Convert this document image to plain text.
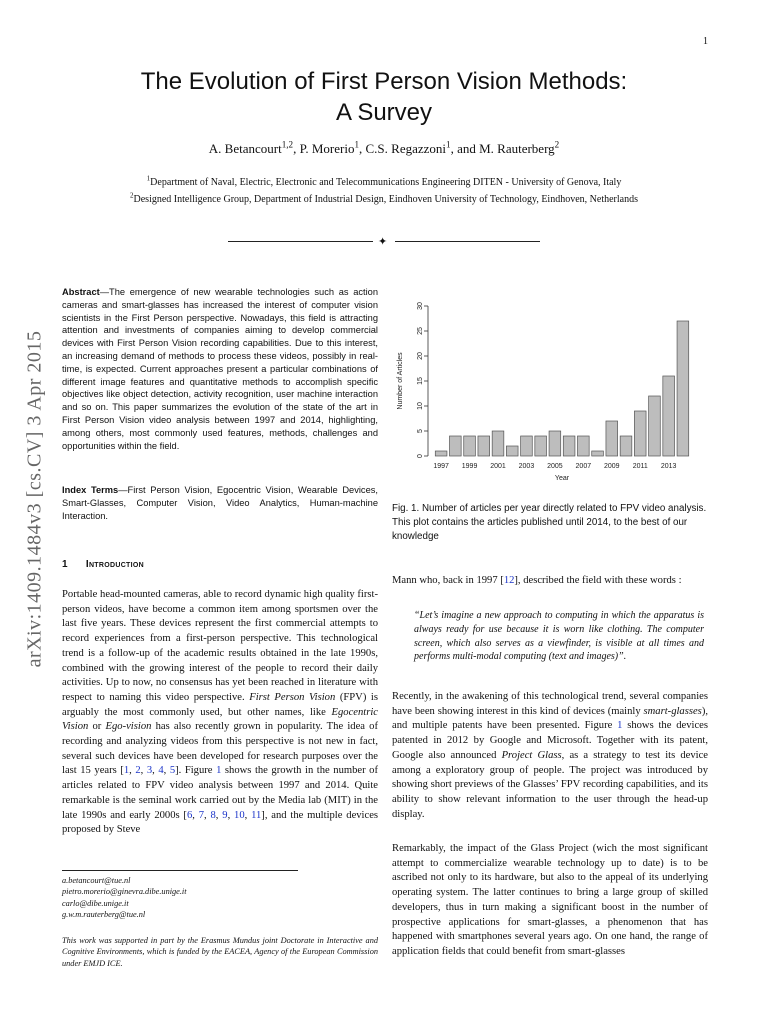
1
The Evolution of First Person Vision Methods:
A Survey
A. Betancourt$^{1,2}$, P. Morerio$^1$, C.S. Regazzoni$^1$, and M. Rauterberg$^2$
$^1$Department of Naval, Electric, Electronic and Telecommunications Engineering DITEN - University of Genova, Italy
$^2$Designed Intelligence Group, Department of Industrial Design, Eindhoven University of Technology, Eindhoven, Netherlands
✦
arXiv:1409.1484v3 [cs.CV] 3 Apr 2015
Abstract—The emergence of new wearable technologies such as action cameras and smart-glasses has increased the interest of computer vision scientists in the First Person perspective. Nowadays, this field is attracting attention and investments of companies aiming to develop commercial devices with First Person Vision recording capabilities. Due to this interest, an increasing demand of methods to process these videos, possibly in real-time, is expected. Current approaches present a particular combinations of different image features and quantitative methods to accomplish specific objectives like object detection, activity recognition, user machine interaction and so on. This paper summarizes the evolution of the state of the art in First Person Vision video analysis between 1997 and 2014, highlighting, among others, most commonly used features, methods, challenges and opportunities within the field.
Index Terms—First Person Vision, Egocentric Vision, Wearable Devices, Smart-Glasses, Computer Vision, Video Analytics, Human-machine Interaction.
1 Introduction
Portable head-mounted cameras, able to record dynamic high quality first-person videos, have become a common item among sportsmen over the last five years. These devices represent the first commercial attempts to record experiences from a first-person perspective. This technological trend is a follow-up of the academic results obtained in the late 1990s, combined with the growing interest of the people to record their daily activities. Up to now, no consensus has yet been reached in literature with respect to naming this video perspective. First Person Vision (FPV) is arguably the most commonly used, but other names, like Egocentric Vision or Ego-vision has also recently grown in popularity. The idea of recording and analyzing videos from this perspective is not new in fact, several such devices have been developed for research purposes over the last 15 years [1, 2, 3, 4, 5]. Figure 1 shows the growth in the number of articles related to FPV video analysis between 1997 and 2014. Quite remarkable is the seminal work carried out by the Media lab (MIT) in the late 1990s and early 2000s [6, 7, 8, 9, 10, 11], and the multiple devices proposed by Steve
a.betancourt@tue.nl
pietro.morerio@ginevra.dibe.unige.it
carlo@dibe.unige.it
g.w.m.rauterberg@tue.nl
This work was supported in part by the Erasmus Mundus joint Doctorate in Interactive and Cognitive Environments, which is funded by the EACEA, Agency of the European Commission under EMJD ICE.
0
5
10
15
20
25
30
Number of Articles
1997 1999 2001 2003 2005 2007 2009 2011 2013
Year
Fig. 1. Number of articles per year directly related to FPV video analysis. This plot contains the articles published until 2014, to the best of our knowledge
Mann who, back in 1997 [12], described the field with these words :
“Let’s imagine a new approach to computing in which the apparatus is always ready for use because it is worn like clothing. The computer screen, which also serves as a viewfinder, is visible at all times and performs multi-modal computing (text and images)”.
Recently, in the awakening of this technological trend, several companies have been showing interest in this kind of devices (mainly smart-glasses), and multiple patents have been presented. Figure 1 shows the devices patented in 2012 by Google and Microsoft. Together with its patent, Google also announced Project Glass, as a strategy to test its device among a exploratory group of people. The project was introduced by showing short previews of the Glasses’ FPV recording capabilities, and its ability to show relevant information to the user through the head-up display.
Remarkably, the impact of the Glass Project (wich the most significant attempt to commercialize wearable technology up to date) is to be ascribed not only to its hardware, but also to the appeal of its underlying operating system. The latter continues to bring a large group of skilled developers, thus in turn making a significant boost in the number of prospective applications for smart-glasses, a phenomenon that has happened with smartphones several years ago. On one hand, the range of application fields that could benefit from smart-glasses
